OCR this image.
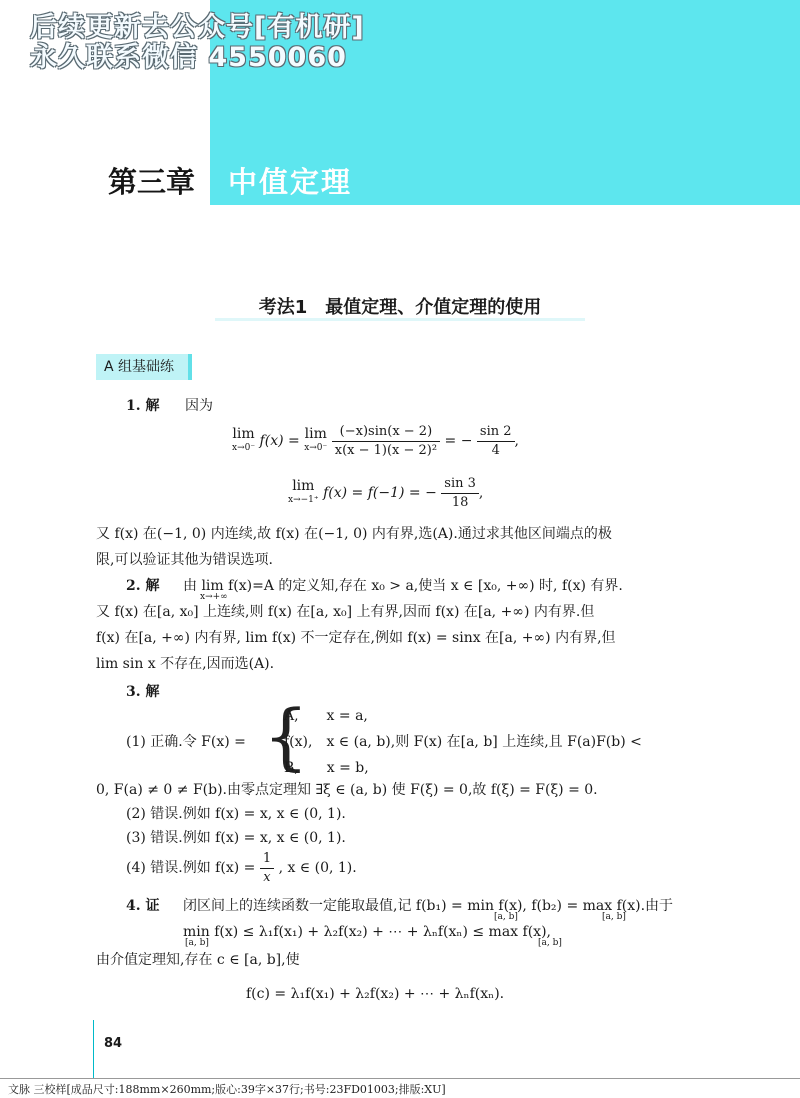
后续更新去公众号[有机研]
永久联系微信 4550060
第三章 中值定理
考法1　最值定理、介值定理的使用
A 组基础练
1. 解 因为
lim
x→0⁻ f(x) = lim
x→0⁻
$\frac{(-x)\sin(x - 2)}{\text{x(x − 1)(x − 2)²}}$ = − $\frac{\sin 2}{4}$ ,
lim
x→−1⁺ f(x) = f(−1) = − $\frac{\sin 3}{18}$ ,
又 f(x) 在(−1, 0) 内连续,故 f(x) 在(−1, 0) 内有界,选(A).通过求其他区间端点的极
限,可以验证其他为错误选项.
2. 解 由 lim f(x)=A 的定义知,存在 x₀ > a,使当 x ∈ [x₀, +∞) 时, f(x) 有界.
x→+∞
又 f(x) 在[a, x₀] 上连续,则 f(x) 在[a, x₀] 上有界,因而 f(x) 在[a, +∞) 内有界.但
f(x) 在[a, +∞) 内有界, lim f(x) 不一定存在,例如 f(x) = sinx 在[a, +∞) 内有界,但
lim sin x 不存在,因而选(A).
3. 解
(1) 正确.令 F(x) = {
A,　　x = a,
f(x),　x ∈ (a, b),则 F(x) 在[a, b] 上连续,且 F(a)F(b) <
B,　　x = b,
0, F(a) ≠ 0 ≠ F(b).由零点定理知 ∃ξ ∈ (a, b) 使 F(ξ) = 0,故 f(ξ) = F(ξ) = 0.
(2) 错误.例如 f(x) = x, x ∈ (0, 1).
(3) 错误.例如 f(x) = x, x ∈ (0, 1).
(4) 错误.例如 $f(x) = \frac{1}{x}$ , x ∈ (0, 1).
4. 证 闭区间上的连续函数一定能取最值,记 f(b₁) = min f(x), f(b₂) = max f(x).由于
[a, b]	[a, b]
min f(x) ≤ λ₁f(x₁) + λ₂f(x₂) + ⋯ + λₙf(xₙ) ≤ max f(x),
[a, b]	[a, b]
由介值定理知,存在 c ∈ [a, b],使
f(c) = λ₁f(x₁) + λ₂f(x₂) + ⋯ + λₙf(xₙ).
84
文脉 三校样[成品尺寸:188mm×260mm;版心:39字×37行;书号:23FD01003;排版:XU]
